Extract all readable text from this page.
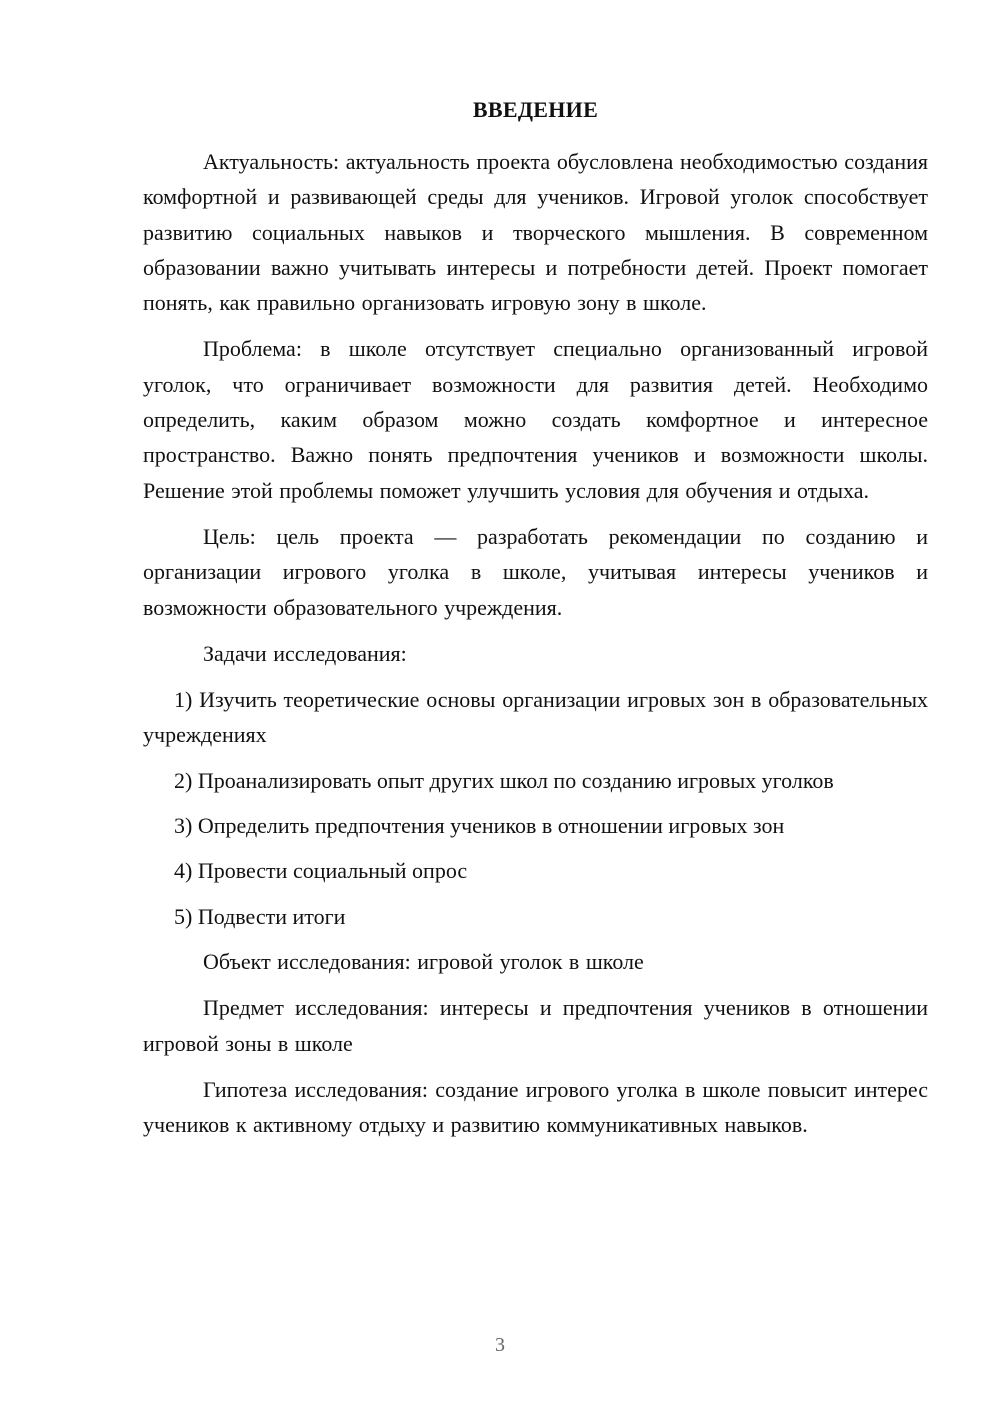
ВВЕДЕНИЕ

Актуальность: актуальность проекта обусловлена необходимостью создания комфортной и развивающей среды для учеников. Игровой уголок способствует развитию социальных навыков и творческого мышления. В современном образовании важно учитывать интересы и потребности детей. Проект помогает понять, как правильно организовать игровую зону в школе.

Проблема: в школе отсутствует специально организованный игровой уголок, что ограничивает возможности для развития детей. Необходимо определить, каким образом можно создать комфортное и интересное пространство. Важно понять предпочтения учеников и возможности школы. Решение этой проблемы поможет улучшить условия для обучения и отдыха.

Цель: цель проекта — разработать рекомендации по созданию и организации игрового уголка в школе, учитывая интересы учеников и возможности образовательного учреждения.

Задачи исследования:

1) Изучить теоретические основы организации игровых зон в образовательных учреждениях

2) Проанализировать опыт других школ по созданию игровых уголков

3) Определить предпочтения учеников в отношении игровых зон

4) Провести социальный опрос

5) Подвести итоги

Объект исследования: игровой уголок в школе

Предмет исследования: интересы и предпочтения учеников в отношении игровой зоны в школе

Гипотеза исследования: создание игрового уголка в школе повысит интерес учеников к активному отдыху и развитию коммуникативных навыков.

3
